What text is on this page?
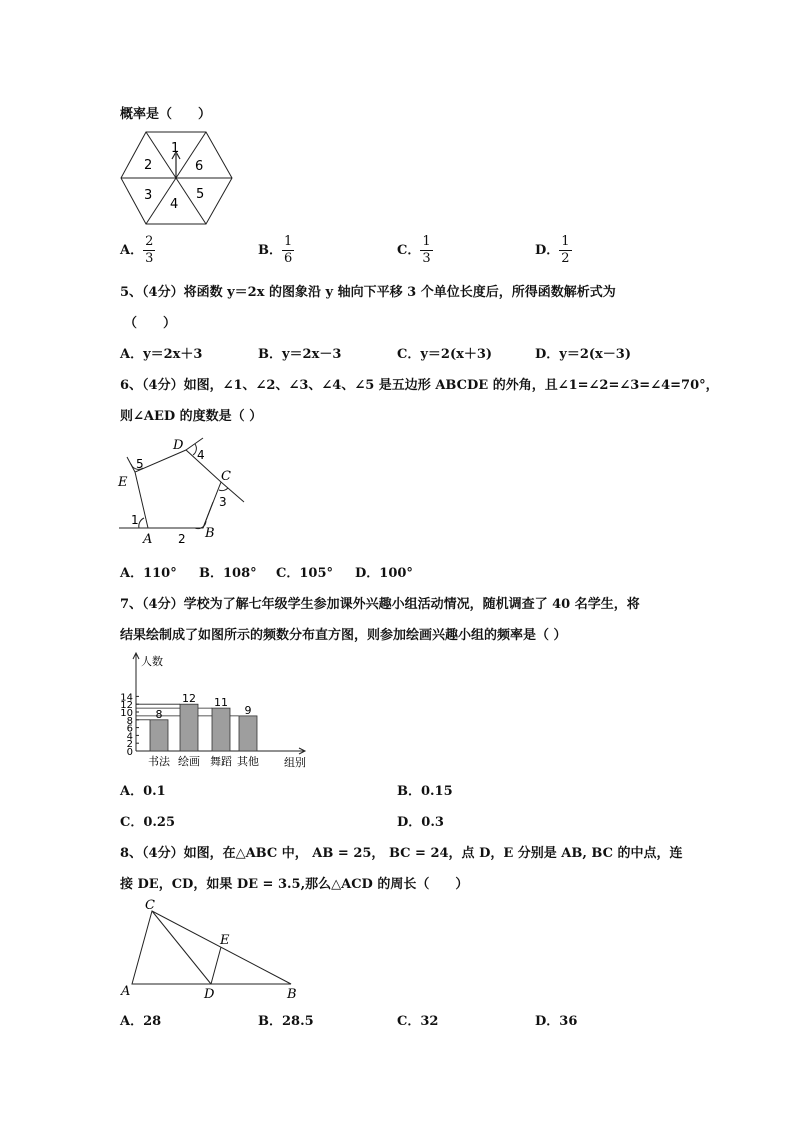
概率是（　　）
1
2	6
3
4
5
A． $\frac{2}{3}$	B． $\frac{1}{6}$	C． $\frac{1}{3}$	D． $\frac{1}{2}$
5、（4分）将函数 y＝2x 的图象沿 y 轴向下平移 3 个单位长度后，所得函数解析式为
（　　）
A．y＝2x＋3	B．y＝2x－3	C．y＝2(x＋3)	D．y＝2(x－3)
6、（4分）如图，∠1、∠2、∠3、∠4、∠5 是五边形 ABCDE 的外角，且∠1=∠2=∠3=∠4=70°，
则∠AED 的度数是（ ）
A	B
C
D
E
1
2
3
4
5
A．110° B．108° C．105° D．100°
7、（4分）学校为了解七年级学生参加课外兴趣小组活动情况，随机调查了 40 名学生，将
结果绘制成了如图所示的频数分布直方图，则参加绘画兴趣小组的频率是（ ）
0
2
4
6
8
10
12
14
人数
8
书法
12
绘画
11
舞蹈
9
其他 组别
A．0.1	B．0.15
C．0.25	D．0.3
8、（4分）如图，在△ABC 中， AB = 25， BC = 24，点 D，E 分别是 AB, BC 的中点，连
接 DE，CD，如果 DE = 3.5,那么△ACD 的周长（　　）
C
E
A	D	B
A．28	B．28.5	C．32	D．36
